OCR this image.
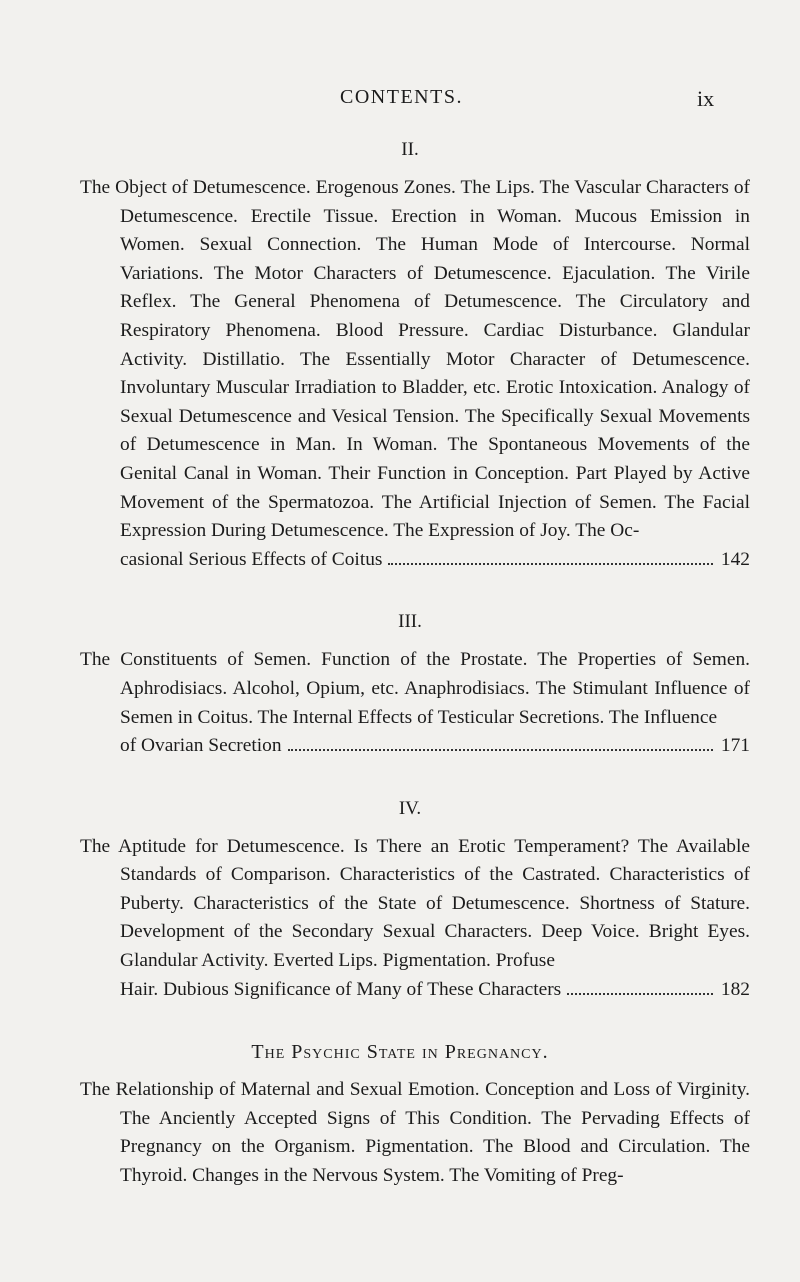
CONTENTS.	ix
II.
The Object of Detumescence. Erogenous Zones. The Lips. The Vascular Characters of Detumescence. Erectile Tissue. Erection in Woman. Mucous Emission in Women. Sexual Connection. The Human Mode of Intercourse. Normal Variations. The Motor Characters of Detumescence. Ejaculation. The Virile Reflex. The General Phenomena of Detumescence. The Circulatory and Respiratory Phenomena. Blood Pressure. Cardiac Disturbance. Glandular Activity. Distillatio. The Essentially Motor Character of Detumescence. Involuntary Muscular Irradiation to Bladder, etc. Erotic Intoxication. Analogy of Sexual Detumescence and Vesical Tension. The Specifically Sexual Movements of Detumescence in Man. In Woman. The Spontaneous Movements of the Genital Canal in Woman. Their Function in Conception. Part Played by Active Movement of the Spermatozoa. The Artificial Injection of Semen. The Facial Expression During Detumescence. The Expression of Joy. The Oc-
casional Serious Effects of Coitus	142
III.
The Constituents of Semen. Function of the Prostate. The Properties of Semen. Aphrodisiacs. Alcohol, Opium, etc. Anaphrodisiacs. The Stimulant Influence of Semen in Coitus. The Internal Effects of Testicular Secretions. The Influence
of Ovarian Secretion	171
IV.
The Aptitude for Detumescence. Is There an Erotic Temperament? The Available Standards of Comparison. Characteristics of the Castrated. Characteristics of Puberty. Characteristics of the State of Detumescence. Shortness of Stature. Development of the Secondary Sexual Characters. Deep Voice. Bright Eyes. Glandular Activity. Everted Lips. Pigmentation. Profuse
Hair. Dubious Significance of Many of These Characters	182
The Psychic State in Pregnancy.
The Relationship of Maternal and Sexual Emotion. Conception and Loss of Virginity. The Anciently Accepted Signs of This Condition. The Pervading Effects of Pregnancy on the Organism. Pigmentation. The Blood and Circulation. The Thyroid. Changes in the Nervous System. The Vomiting of Preg-
